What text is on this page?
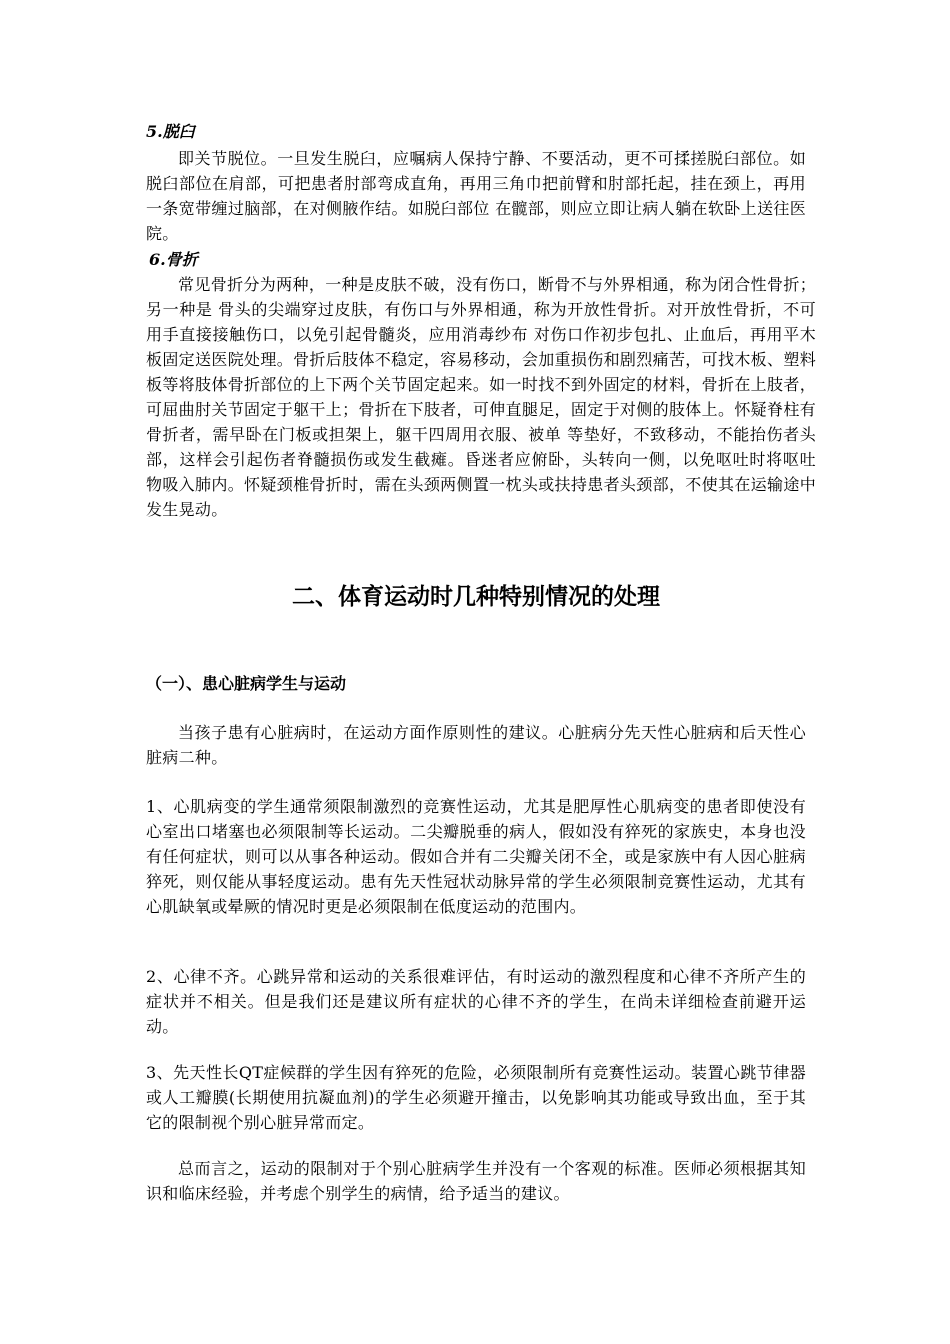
5.脱臼

即关节脱位。一旦发生脱臼，应嘱病人保持宁静、不要活动，更不可揉搓脱臼部位。如脱臼部位在肩部，可把患者肘部弯成直角，再用三角巾把前臂和肘部托起，挂在颈上，再用一条宽带缠过脑部，在对侧腋作结。如脱臼部位 在髋部，则应立即让病人躺在软卧上送往医院。

6.骨折

常见骨折分为两种，一种是皮肤不破，没有伤口，断骨不与外界相通，称为闭合性骨折；另一种是 骨头的尖端穿过皮肤，有伤口与外界相通，称为开放性骨折。对开放性骨折，不可用手直接接触伤口，以免引起骨髓炎，应用消毒纱布 对伤口作初步包扎、止血后，再用平木板固定送医院处理。骨折后肢体不稳定，容易移动，会加重损伤和剧烈痛苦，可找木板、塑料板等将肢体骨折部位的上下两个关节固定起来。如一时找不到外固定的材料，骨折在上肢者，可屈曲肘关节固定于躯干上；骨折在下肢者，可伸直腿足，固定于对侧的肢体上。怀疑脊柱有骨折者，需早卧在门板或担架上，躯干四周用衣服、被单 等垫好，不致移动，不能抬伤者头部，这样会引起伤者脊髓损伤或发生截瘫。昏迷者应俯卧，头转向一侧，以免呕吐时将呕吐 物吸入肺内。怀疑颈椎骨折时，需在头颈两侧置一枕头或扶持患者头颈部，不使其在运输途中发生晃动。

二、体育运动时几种特别情况的处理
（一）、患心脏病学生与运动

当孩子患有心脏病时，在运动方面作原则性的建议。心脏病分先天性心脏病和后天性心脏病二种。

1、心肌病变的学生通常须限制激烈的竞赛性运动，尤其是肥厚性心肌病变的患者即使没有心室出口堵塞也必须限制等长运动。二尖瓣脱垂的病人，假如没有猝死的家族史，本身也没有任何症状，则可以从事各种运动。假如合并有二尖瓣关闭不全，或是家族中有人因心脏病猝死，则仅能从事轻度运动。患有先天性冠状动脉异常的学生必须限制竞赛性运动，尤其有心肌缺氧或晕厥的情况时更是必须限制在低度运动的范围内。

2、心律不齐。心跳异常和运动的关系很难评估，有时运动的激烈程度和心律不齐所产生的症状并不相关。但是我们还是建议所有症状的心律不齐的学生，在尚未详细检查前避开运动。

3、先天性长QT症候群的学生因有猝死的危险，必须限制所有竞赛性运动。装置心跳节律器或人工瓣膜(长期使用抗凝血剂)的学生必须避开撞击，以免影响其功能或导致出血，至于其它的限制视个别心脏异常而定。

总而言之，运动的限制对于个别心脏病学生并没有一个客观的标准。医师必须根据其知识和临床经验，并考虑个别学生的病情，给予适当的建议。
